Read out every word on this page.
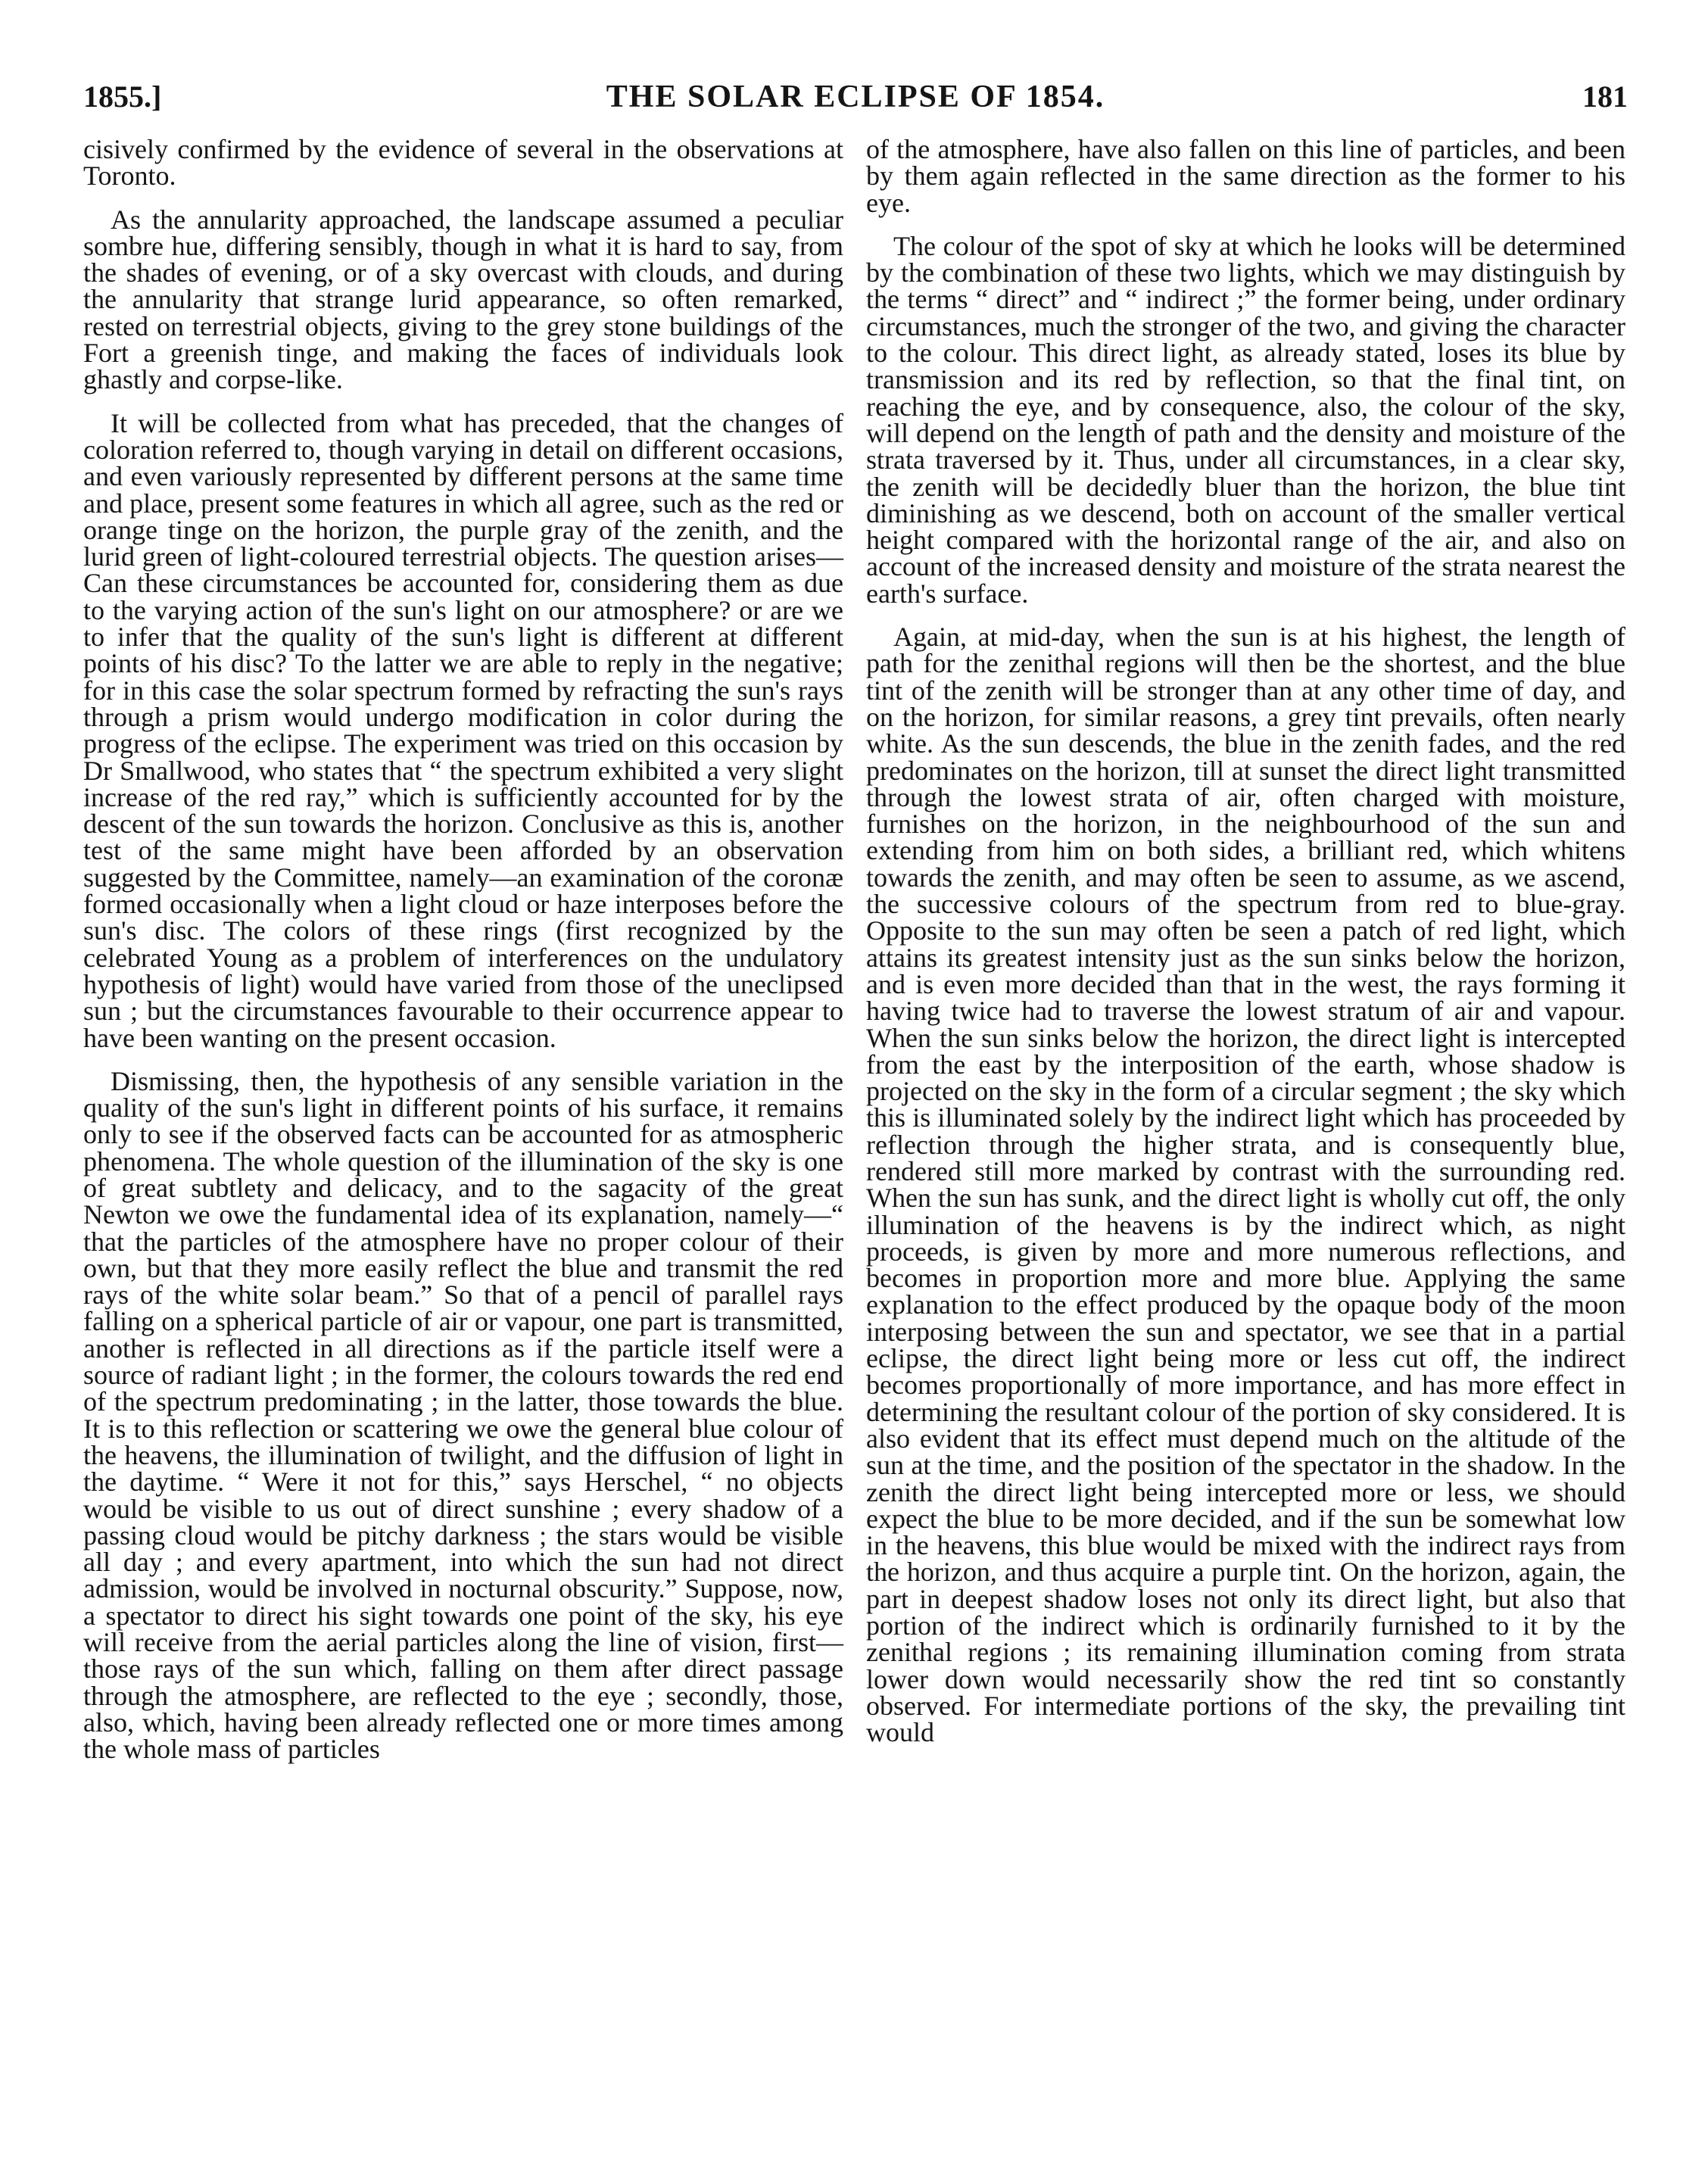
1855.]	THE SOLAR ECLIPSE OF 1854.	181

cisively confirmed by the evidence of several in the observations at Toronto.

As the annularity approached, the landscape assumed a peculiar sombre hue, differing sensibly, though in what it is hard to say, from the shades of evening, or of a sky overcast with clouds, and during the annularity that strange lurid appearance, so often remarked, rested on terrestrial objects, giving to the grey stone buildings of the Fort a greenish tinge, and making the faces of individuals look ghastly and corpse-like.

It will be collected from what has preceded, that the changes of coloration referred to, though varying in detail on different occasions, and even variously represented by different persons at the same time and place, present some features in which all agree, such as the red or orange tinge on the horizon, the purple gray of the zenith, and the lurid green of light-coloured terrestrial objects. The question arises—Can these circumstances be accounted for, considering them as due to the varying action of the sun's light on our atmosphere? or are we to infer that the quality of the sun's light is different at different points of his disc? To the latter we are able to reply in the negative; for in this case the solar spectrum formed by refracting the sun's rays through a prism would undergo modification in color during the progress of the eclipse. The experiment was tried on this occasion by Dr Smallwood, who states that “ the spectrum exhibited a very slight increase of the red ray,” which is sufficiently accounted for by the descent of the sun towards the horizon. Conclusive as this is, another test of the same might have been afforded by an observation suggested by the Committee, namely—an examination of the coronæ formed occasionally when a light cloud or haze interposes before the sun's disc. The colors of these rings (first recognized by the celebrated Young as a problem of interferences on the undulatory hypothesis of light) would have varied from those of the uneclipsed sun ; but the circumstances favourable to their occurrence appear to have been wanting on the present occasion.

Dismissing, then, the hypothesis of any sensible variation in the quality of the sun's light in different points of his surface, it remains only to see if the observed facts can be accounted for as atmospheric phenomena. The whole question of the illumination of the sky is one of great subtlety and delicacy, and to the sagacity of the great Newton we owe the fundamental idea of its explanation, namely—“ that the particles of the atmosphere have no proper colour of their own, but that they more easily reflect the blue and transmit the red rays of the white solar beam.” So that of a pencil of parallel rays falling on a spherical particle of air or vapour, one part is transmitted, another is reflected in all directions as if the particle itself were a source of radiant light ; in the former, the colours towards the red end of the spectrum predominating ; in the latter, those towards the blue. It is to this reflection or scattering we owe the general blue colour of the heavens, the illumination of twilight, and the diffusion of light in the daytime. “ Were it not for this,” says Herschel, “ no objects would be visible to us out of direct sunshine ; every shadow of a passing cloud would be pitchy darkness ; the stars would be visible all day ; and every apartment, into which the sun had not direct admission, would be involved in nocturnal obscurity.” Suppose, now, a spectator to direct his sight towards one point of the sky, his eye will receive from the aerial particles along the line of vision, first—those rays of the sun which, falling on them after direct passage through the atmosphere, are reflected to the eye ; secondly, those, also, which, having been already reflected one or more times among the whole mass of particles

of the atmosphere, have also fallen on this line of particles, and been by them again reflected in the same direction as the former to his eye.

The colour of the spot of sky at which he looks will be determined by the combination of these two lights, which we may distinguish by the terms “ direct” and “ indirect ;” the former being, under ordinary circumstances, much the stronger of the two, and giving the character to the colour. This direct light, as already stated, loses its blue by transmission and its red by reflection, so that the final tint, on reaching the eye, and by consequence, also, the colour of the sky, will depend on the length of path and the density and moisture of the strata traversed by it. Thus, under all circumstances, in a clear sky, the zenith will be decidedly bluer than the horizon, the blue tint diminishing as we descend, both on account of the smaller vertical height compared with the horizontal range of the air, and also on account of the increased density and moisture of the strata nearest the earth's surface.

Again, at mid-day, when the sun is at his highest, the length of path for the zenithal regions will then be the shortest, and the blue tint of the zenith will be stronger than at any other time of day, and on the horizon, for similar reasons, a grey tint prevails, often nearly white. As the sun descends, the blue in the zenith fades, and the red predominates on the horizon, till at sunset the direct light transmitted through the lowest strata of air, often charged with moisture, furnishes on the horizon, in the neighbourhood of the sun and extending from him on both sides, a brilliant red, which whitens towards the zenith, and may often be seen to assume, as we ascend, the successive colours of the spectrum from red to blue-gray. Opposite to the sun may often be seen a patch of red light, which attains its greatest intensity just as the sun sinks below the horizon, and is even more decided than that in the west, the rays forming it having twice had to traverse the lowest stratum of air and vapour. When the sun sinks below the horizon, the direct light is intercepted from the east by the interposition of the earth, whose shadow is projected on the sky in the form of a circular segment ; the sky which this is illuminated solely by the indirect light which has proceeded by reflection through the higher strata, and is consequently blue, rendered still more marked by contrast with the surrounding red. When the sun has sunk, and the direct light is wholly cut off, the only illumination of the heavens is by the indirect which, as night proceeds, is given by more and more numerous reflections, and becomes in proportion more and more blue. Applying the same explanation to the effect produced by the opaque body of the moon interposing between the sun and spectator, we see that in a partial eclipse, the direct light being more or less cut off, the indirect becomes proportionally of more importance, and has more effect in determining the resultant colour of the portion of sky considered. It is also evident that its effect must depend much on the altitude of the sun at the time, and the position of the spectator in the shadow. In the zenith the direct light being intercepted more or less, we should expect the blue to be more decided, and if the sun be somewhat low in the heavens, this blue would be mixed with the indirect rays from the horizon, and thus acquire a purple tint. On the horizon, again, the part in deepest shadow loses not only its direct light, but also that portion of the indirect which is ordinarily furnished to it by the zenithal regions ; its remaining illumination coming from strata lower down would necessarily show the red tint so constantly observed. For intermediate portions of the sky, the prevailing tint would
